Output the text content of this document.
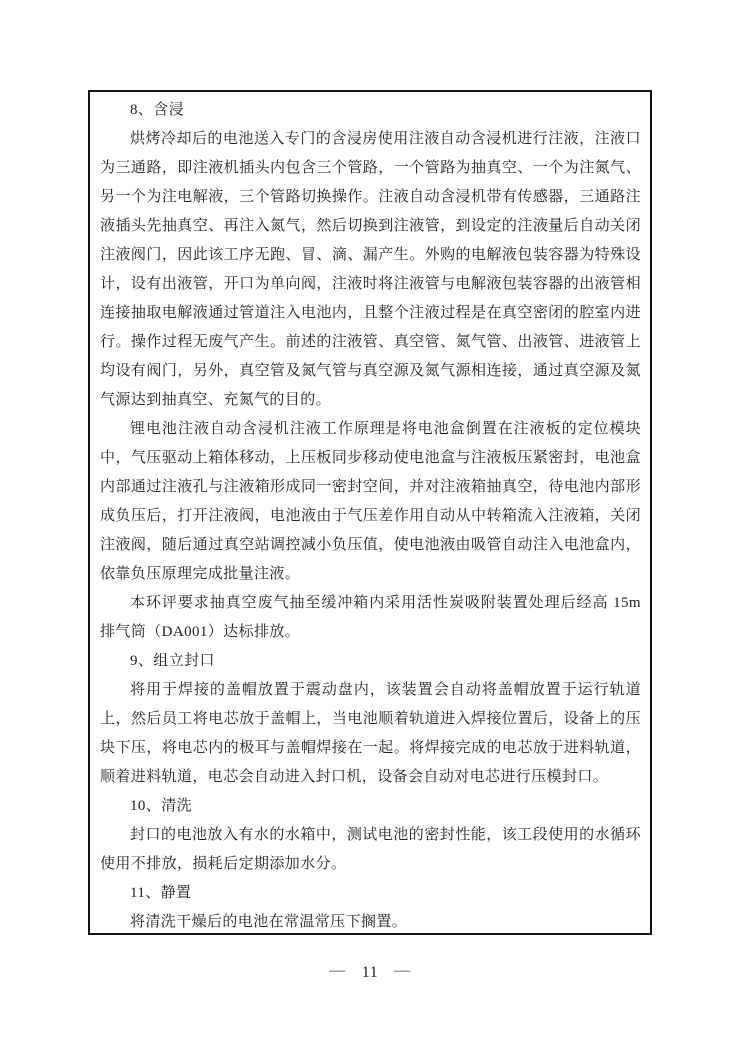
8、含浸

烘烤冷却后的电池送入专门的含浸房使用注液自动含浸机进行注液，注液口为三通路，即注液机插头内包含三个管路，一个管路为抽真空、一个为注氮气、另一个为注电解液，三个管路切换操作。注液自动含浸机带有传感器，三通路注液插头先抽真空、再注入氮气，然后切换到注液管，到设定的注液量后自动关闭注液阀门，因此该工序无跑、冒、滴、漏产生。外购的电解液包装容器为特殊设计，设有出液管，开口为单向阀，注液时将注液管与电解液包装容器的出液管相连接抽取电解液通过管道注入电池内，且整个注液过程是在真空密闭的腔室内进行。操作过程无废气产生。前述的注液管、真空管、氮气管、出液管、进液管上均设有阀门，另外，真空管及氮气管与真空源及氮气源相连接，通过真空源及氮气源达到抽真空、充氮气的目的。

锂电池注液自动含浸机注液工作原理是将电池盒倒置在注液板的定位模块中，气压驱动上箱体移动，上压板同步移动使电池盒与注液板压紧密封，电池盒内部通过注液孔与注液箱形成同一密封空间，并对注液箱抽真空，待电池内部形成负压后，打开注液阀，电池液由于气压差作用自动从中转箱流入注液箱，关闭注液阀，随后通过真空站调控减小负压值，使电池液由吸管自动注入电池盒内，依靠负压原理完成批量注液。

本环评要求抽真空废气抽至缓冲箱内采用活性炭吸附装置处理后经高 15m 排气筒（DA001）达标排放。

9、组立封口

将用于焊接的盖帽放置于震动盘内，该装置会自动将盖帽放置于运行轨道上，然后员工将电芯放于盖帽上，当电池顺着轨道进入焊接位置后，设备上的压块下压，将电芯内的极耳与盖帽焊接在一起。将焊接完成的电芯放于进料轨道，顺着进料轨道，电芯会自动进入封口机，设备会自动对电芯进行压模封口。

10、清洗

封口的电池放入有水的水箱中，测试电池的密封性能，该工段使用的水循环使用不排放，损耗后定期添加水分。

11、静置

将清洗干燥后的电池在常温常压下搁置。

— 11 —
